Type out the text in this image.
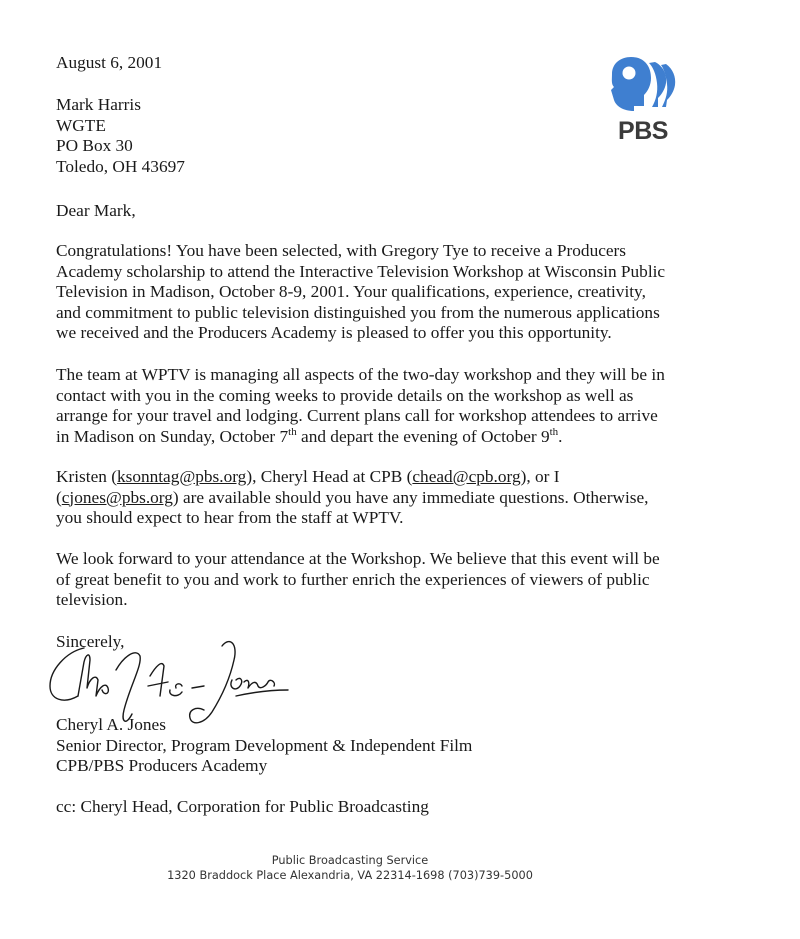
August 6, 2001

Mark Harris
WGTE
PO Box 30
Toledo, OH 43697
PBS

Dear Mark,

Congratulations! You have been selected, with Gregory Tye to receive a Producers
Academy scholarship to attend the Interactive Television Workshop at Wisconsin Public
Television in Madison, October 8-9, 2001. Your qualifications, experience, creativity,
and commitment to public television distinguished you from the numerous applications
we received and the Producers Academy is pleased to offer you this opportunity.
The team at WPTV is managing all aspects of the two-day workshop and they will be in
contact with you in the coming weeks to provide details on the workshop as well as
arrange for your travel and lodging. Current plans call for workshop attendees to arrive
in Madison on Sunday, October 7th and depart the evening of October 9th.
Kristen (ksonntag@pbs.org), Cheryl Head at CPB (chead@cpb.org), or I
(cjones@pbs.org) are available should you have any immediate questions. Otherwise,
you should expect to hear from the staff at WPTV.
We look forward to your attendance at the Workshop. We believe that this event will be
of great benefit to you and work to further enrich the experiences of viewers of public
television.

Sincerely,

Cheryl A. Jones
Senior Director, Program Development & Independent Film
CPB/PBS Producers Academy

cc: Cheryl Head, Corporation for Public Broadcasting

Public Broadcasting Service
1320 Braddock Place Alexandria, VA 22314-1698 (703)739-5000
